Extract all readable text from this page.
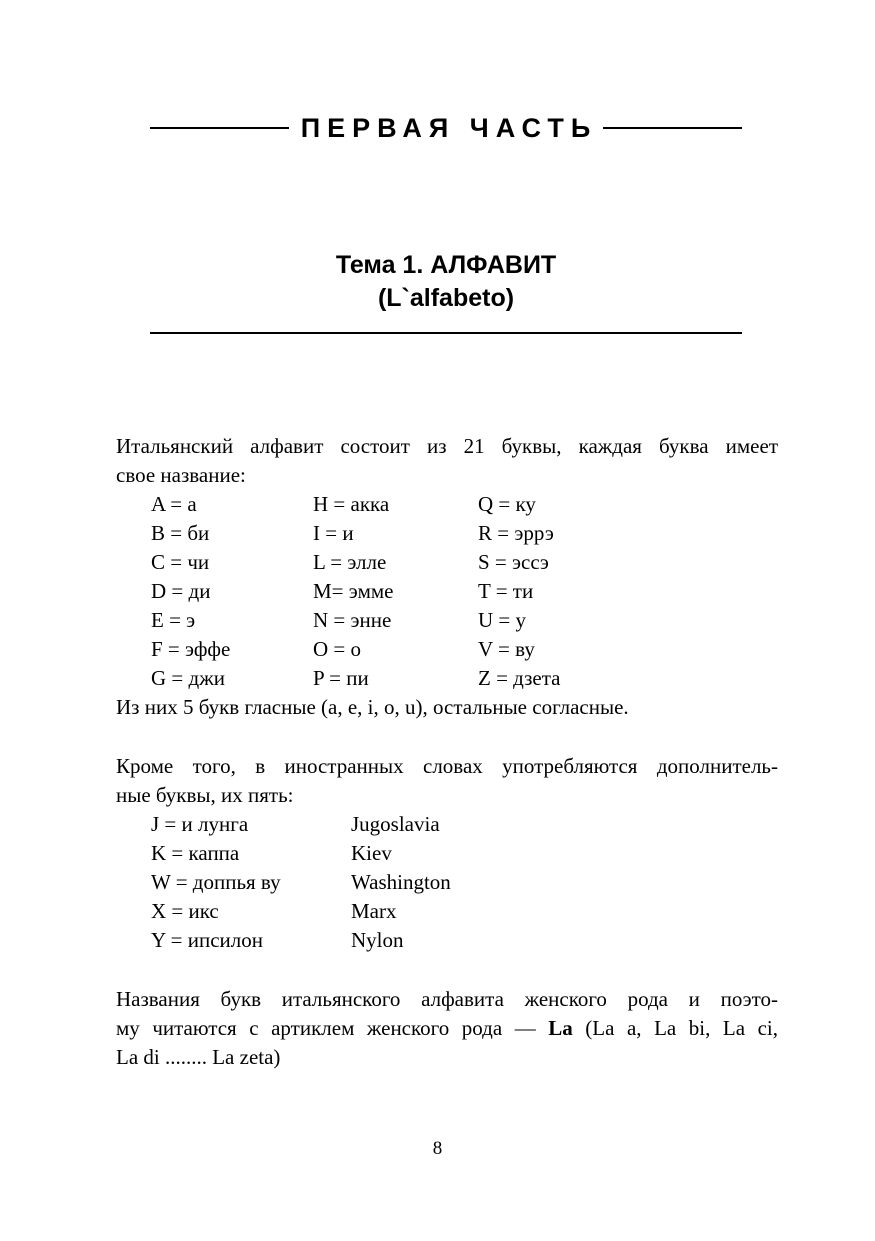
ПЕРВАЯ ЧАСТЬ
Тема 1. АЛФАВИТ
(L`alfabeto)

Итальянский алфавит состоит из 21 буквы, каждая буква имеет

свое название:

A = а	H = акка	Q = ку
B = би	I = и	R = эррэ
C = чи	L = элле	S = эссэ
D = ди	M= эмме	T = ти
E = э	N = энне	U = у
F = эффе	O = о	V = ву
G = джи	P = пи	Z = дзета

Из них 5 букв гласные (a, e, i, o, u), остальные согласные.

Кроме того, в иностранных словах употребляются дополнитель-

ные буквы, их пять:

J = и лунга	Jugoslavia
K = каппа	Kiev
W = доппья ву	Washington
X = икс	Marx
Y = ипсилон	Nylon

Названия букв итальянского алфавита женского рода и поэто-

му читаются с артиклем женского рода — La (La a, La bi, La ci,

La di ........ La zeta)

8
